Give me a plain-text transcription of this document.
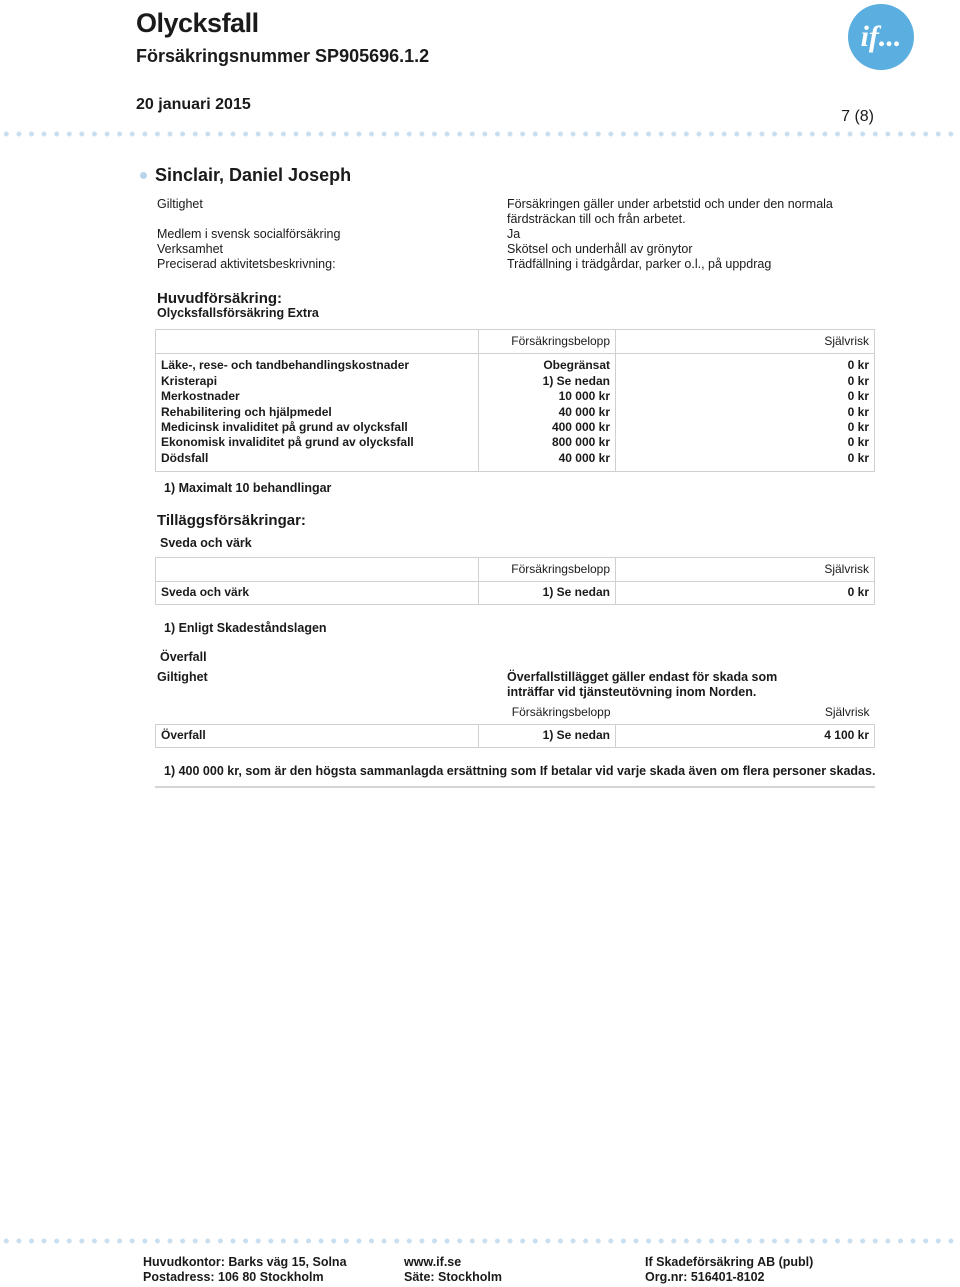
Olycksfall
Försäkringsnummer SP905696.1.2
if...
20 januari 2015
7 (8)
Sinclair, Daniel Joseph
Giltighet	Försäkringen gäller under arbetstid och under den normala färdsträckan till och från arbetet.
Medlem i svensk socialförsäkring	Ja
Verksamhet	Skötsel och underhåll av grönytor
Preciserad aktivitetsbeskrivning:	Trädfällning i trädgårdar, parker o.l., på uppdrag
Huvudförsäkring:
Olycksfallsförsäkring Extra
	Försäkringsbelopp	Självrisk
Läke-, rese- och tandbehandlingskostnader	Obegränsat	0 kr
Kristerapi	1) Se nedan	0 kr
Merkostnader	10 000 kr	0 kr
Rehabilitering och hjälpmedel	40 000 kr	0 kr
Medicinsk invaliditet på grund av olycksfall	400 000 kr	0 kr
Ekonomisk invaliditet på grund av olycksfall	800 000 kr	0 kr
Dödsfall	40 000 kr	0 kr
1) Maximalt 10 behandlingar
Tilläggsförsäkringar:
Sveda och värk
	Försäkringsbelopp	Självrisk
Sveda och värk	1) Se nedan	0 kr
1) Enligt Skadeståndslagen
Överfall
Giltighet	Överfallstillägget gäller endast för skada som inträffar vid tjänsteutövning inom Norden.
	Försäkringsbelopp	Självrisk
Överfall	1) Se nedan	4 100 kr
1) 400 000 kr, som är den högsta sammanlagda ersättning som If betalar vid varje skada även om flera personer skadas.
Huvudkontor: Barks väg 15, Solna
Postadress: 106 80 Stockholm
www.if.se
Säte: Stockholm
If Skadeförsäkring AB (publ)
Org.nr: 516401-8102
